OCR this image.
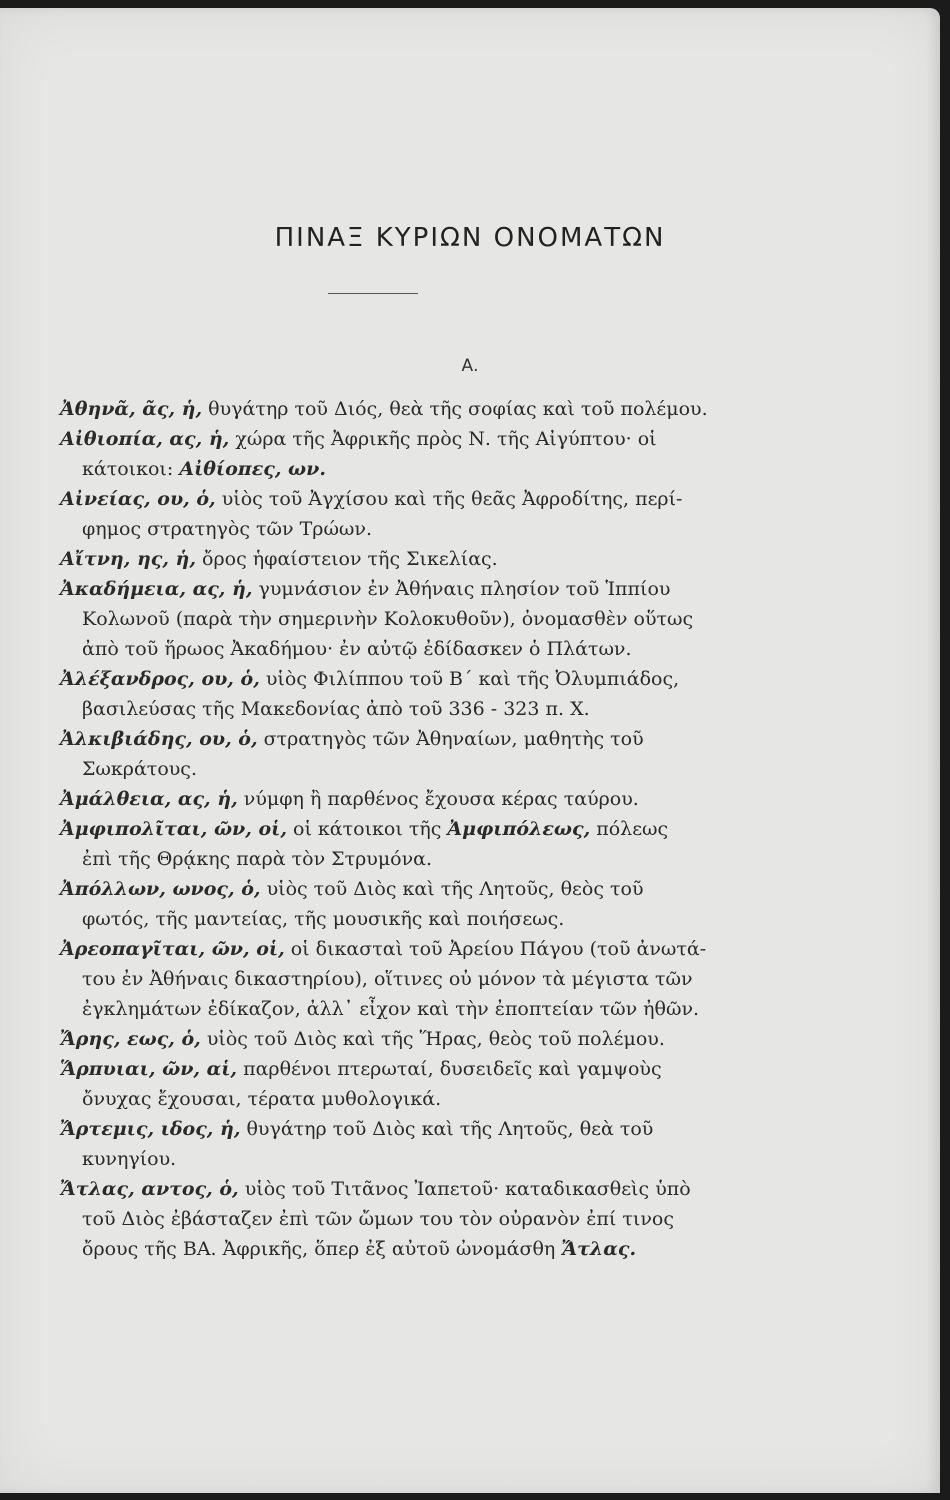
ΠΙΝΑΞ ΚΥΡΙΩΝ ΟΝΟΜΑΤΩΝ
Α.

Ἀθηνᾶ, ᾶς, ἡ, θυγάτηρ τοῦ Διός, θεὰ τῆς σοφίας καὶ τοῦ πολέμου.

Αἰθιοπία, ας, ἡ, χώρα τῆς Ἀφρικῆς πρὸς Ν. τῆς Αἰγύπτου· οἱ
κάτοικοι: Αἰθίοπες, ων.

Αἰνείας, ου, ὁ, υἱὸς τοῦ Ἀγχίσου καὶ τῆς θεᾶς Ἀφροδίτης, περί-
φημος στρατηγὸς τῶν Τρώων.

Αἴτνη, ης, ἡ, ὄρος ἡφαίστειον τῆς Σικελίας.

Ἀκαδήμεια, ας, ἡ, γυμνάσιον ἐν Ἀθήναις πλησίον τοῦ Ἱππίου
Κολωνοῦ (παρὰ τὴν σημερινὴν Κολοκυθοῦν), ὀνομασθὲν οὕτως
ἀπὸ τοῦ ἥρωος Ἀκαδήμου· ἐν αὐτῷ ἐδίδασκεν ὁ Πλάτων.

Ἀλέξανδρος, ου, ὁ, υἱὸς Φιλίππου τοῦ Β΄ καὶ τῆς Ὀλυμπιάδος,
βασιλεύσας τῆς Μακεδονίας ἀπὸ τοῦ 336 - 323 π. Χ.

Ἀλκιβιάδης, ου, ὁ, στρατηγὸς τῶν Ἀθηναίων, μαθητὴς τοῦ
Σωκράτους.

Ἀμάλθεια, ας, ἡ, νύμφη ἢ παρθένος ἔχουσα κέρας ταύρου.

Ἀμφιπολῖται, ῶν, οἱ, οἱ κάτοικοι τῆς Ἀμφιπόλεως, πόλεως
ἐπὶ τῆς Θρᾴκης παρὰ τὸν Στρυμόνα.

Ἀπόλλων, ωνος, ὁ, υἱὸς τοῦ Διὸς καὶ τῆς Λητοῦς, θεὸς τοῦ
φωτός, τῆς μαντείας, τῆς μουσικῆς καὶ ποιήσεως.

Ἀρεοπαγῖται, ῶν, οἱ, οἱ δικασταὶ τοῦ Ἀρείου Πάγου (τοῦ ἀνωτά-
του ἐν Ἀθήναις δικαστηρίου), οἵτινες οὐ μόνον τὰ μέγιστα τῶν
ἐγκλημάτων ἐδίκαζον, ἀλλ᾽ εἶχον καὶ τὴν ἐποπτείαν τῶν ἠθῶν.

Ἄρης, εως, ὁ, υἱὸς τοῦ Διὸς καὶ τῆς Ἥρας, θεὸς τοῦ πολέμου.

Ἅρπυιαι, ῶν, αἱ, παρθένοι πτερωταί, δυσειδεῖς καὶ γαμψοὺς
ὄνυχας ἔχουσαι, τέρατα μυθολογικά.

Ἄρτεμις, ιδος, ἡ, θυγάτηρ τοῦ Διὸς καὶ τῆς Λητοῦς, θεὰ τοῦ
κυνηγίου.

Ἄτλας, αντος, ὁ, υἱὸς τοῦ Τιτᾶνος Ἰαπετοῦ· καταδικασθεὶς ὑπὸ
τοῦ Διὸς ἐβάσταζεν ἐπὶ τῶν ὤμων του τὸν οὐρανὸν ἐπί τινος
ὄρους τῆς ΒΑ. Ἀφρικῆς, ὅπερ ἐξ αὐτοῦ ὠνομάσθη Ἄτλας.
